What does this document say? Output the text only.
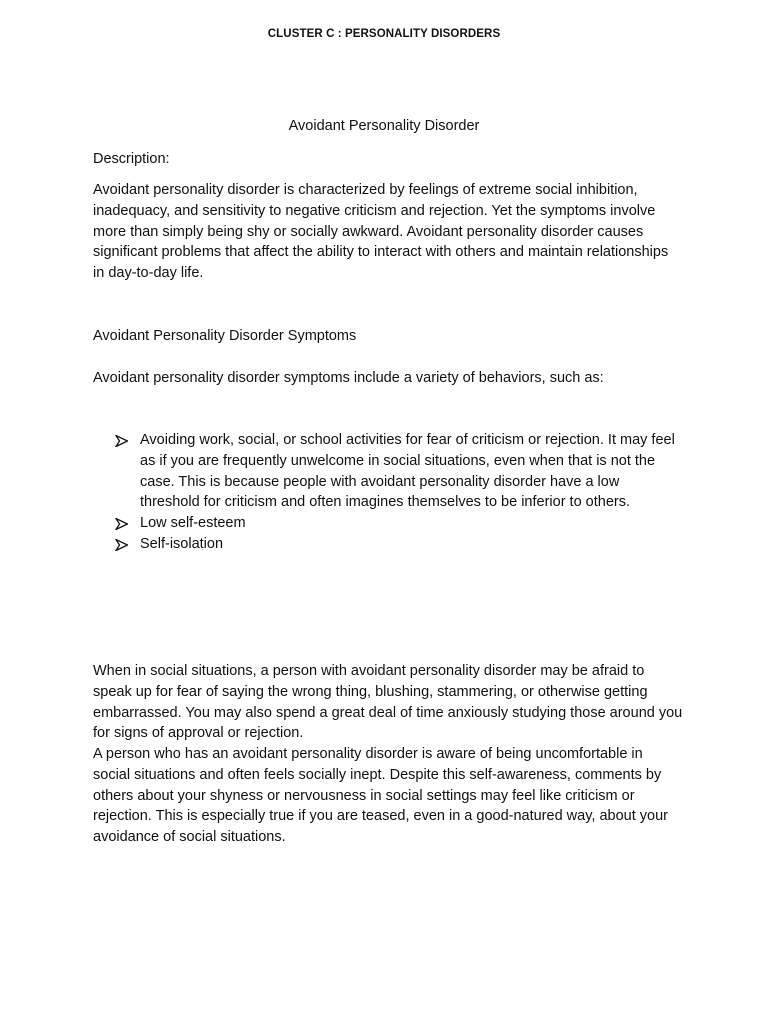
CLUSTER C : PERSONALITY DISORDERS
Avoidant Personality Disorder
Description:
Avoidant personality disorder is characterized by feelings of extreme social inhibition, inadequacy, and sensitivity to negative criticism and rejection. Yet the symptoms involve more than simply being shy or socially awkward. Avoidant personality disorder causes significant problems that affect the ability to interact with others and maintain relationships in day-to-day life.
Avoidant Personality Disorder Symptoms
Avoidant personality disorder symptoms include a variety of behaviors, such as:
Avoiding work, social, or school activities for fear of criticism or rejection. It may feel as if you are frequently unwelcome in social situations, even when that is not the case. This is because people with avoidant personality disorder have a low threshold for criticism and often imagines themselves to be inferior to others.
Low self-esteem
Self-isolation
When in social situations, a person with avoidant personality disorder may be afraid to speak up for fear of saying the wrong thing, blushing, stammering, or otherwise getting embarrassed. You may also spend a great deal of time anxiously studying those around you for signs of approval or rejection.
A person who has an avoidant personality disorder is aware of being uncomfortable in social situations and often feels socially inept. Despite this self-awareness, comments by others about your shyness or nervousness in social settings may feel like criticism or rejection. This is especially true if you are teased, even in a good-natured way, about your avoidance of social situations.
